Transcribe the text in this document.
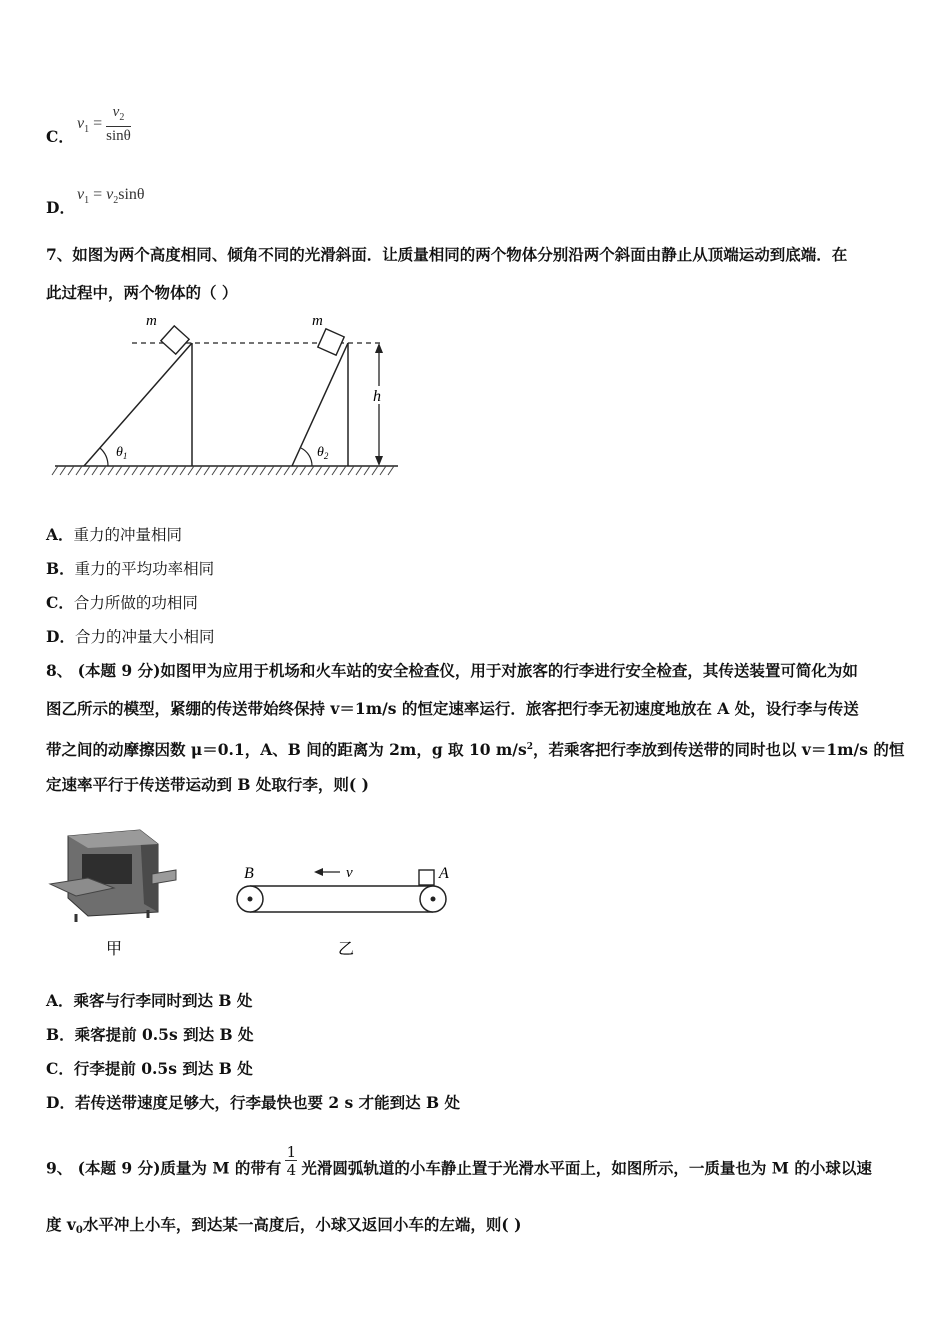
C．
$v_1 = \frac{v_2}{\sin\theta}$
D．
$v_1 = v_2\sin\theta$
7、如图为两个高度相同、倾角不同的光滑斜面．让质量相同的两个物体分别沿两个斜面由静止从顶端运动到底端．在
此过程中，两个物体的（ ）
m
$\theta_1$
m
$\theta_2$
h
A．重力的冲量相同
B．重力的平均功率相同
C．合力所做的功相同
D．合力的冲量大小相同
8、 (本题 9 分)如图甲为应用于机场和火车站的安全检查仪，用于对旅客的行李进行安全检查，其传送装置可简化为如
图乙所示的模型，紧绷的传送带始终保持 v＝1m/s 的恒定速率运行．旅客把行李无初速度地放在 A 处，设行李与传送
带之间的动摩擦因数 μ＝0.1，A、B 间的距离为 2m，g 取 10 $m/s^2$，若乘客把行李放到传送带的同时也以 v＝1m/s 的恒
定速率平行于传送带运动到 B 处取行李，则( )
甲
B	A
v
乙
A．乘客与行李同时到达 B 处
B．乘客提前 0.5s 到达 B 处
C．行李提前 0.5s 到达 B 处
D．若传送带速度足够大，行李最快也要 2 s 才能到达 B 处
9、 (本题 9 分)质量为 M 的带有 $\frac{1}{4}$ 光滑圆弧轨道的小车静止置于光滑水平面上，如图所示，一质量也为 M 的小球以速
度 v0水平冲上小车，到达某一高度后，小球又返回小车的左端，则( )
